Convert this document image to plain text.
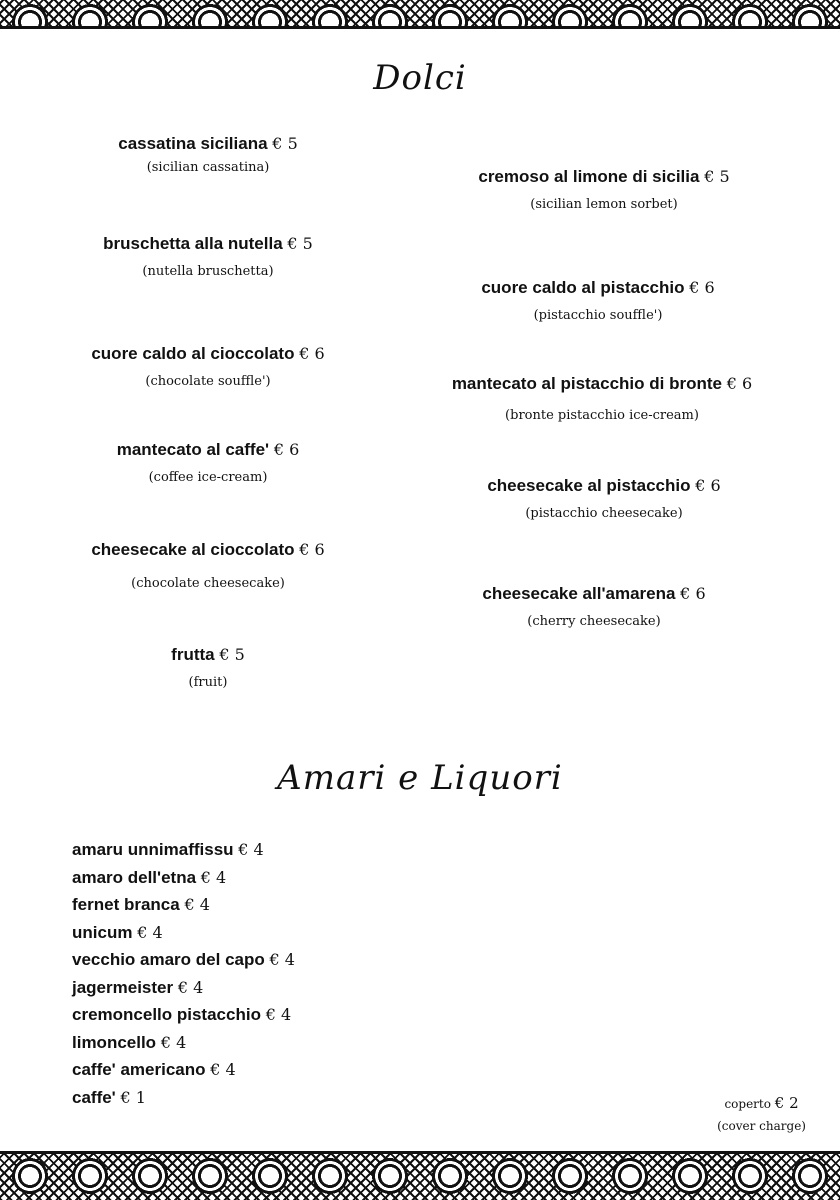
Dolci
cassatina siciliana € 5
(sicilian cassatina)
bruschetta alla nutella € 5
(nutella bruschetta)
cuore caldo al cioccolato € 6
(chocolate souffle')
mantecato al caffe' € 6
(coffee ice-cream)
cheesecake al cioccolato € 6
(chocolate cheesecake)
frutta € 5
(fruit)
cremoso al limone di sicilia € 5
(sicilian lemon sorbet)
cuore caldo al pistacchio € 6
(pistacchio souffle')
mantecato al pistacchio di bronte € 6
(bronte pistacchio ice-cream)
cheesecake al pistacchio € 6
(pistacchio cheesecake)
cheesecake all'amarena € 6
(cherry cheesecake)
Amari e Liquori
amaru unnimaffissu € 4
amaro dell'etna € 4
fernet branca € 4
unicum € 4
vecchio amaro del capo € 4
jagermeister € 4
cremoncello pistacchio € 4
limoncello € 4
caffe' americano € 4
caffe' € 1	coperto € 2
(cover charge)
